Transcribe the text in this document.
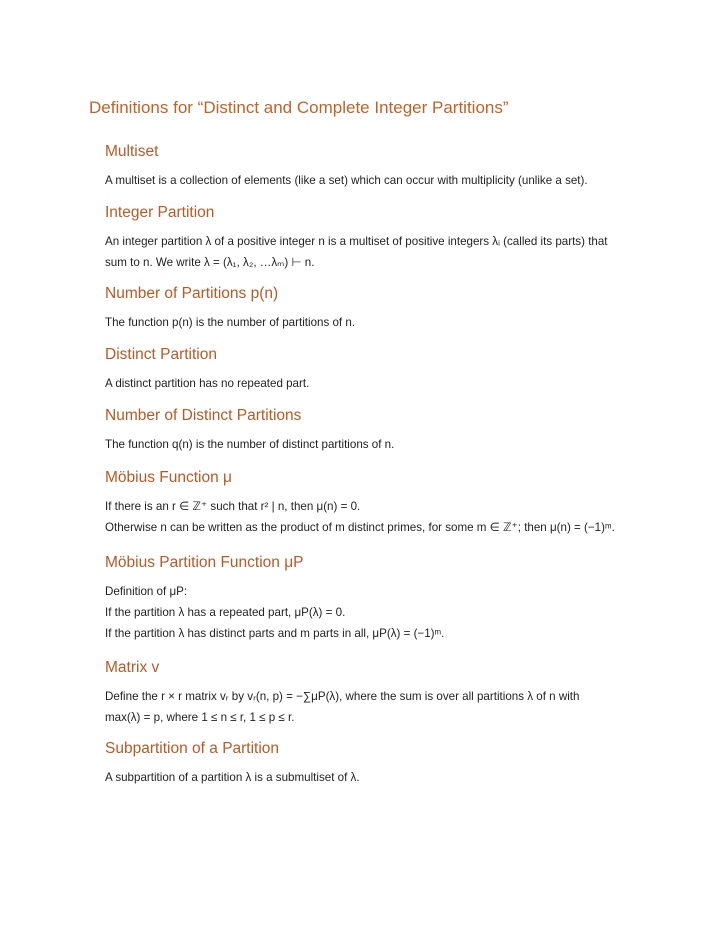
Definitions for “Distinct and Complete Integer Partitions”
Multiset

A multiset is a collection of elements (like a set) which can occur with multiplicity (unlike a set).

Integer Partition

An integer partition λ of a positive integer n is a multiset of positive integers λᵢ (called its parts) that

sum to n. We write λ = (λ₁, λ₂, …λₘ) ⊢ n.

Number of Partitions p(n)

The function p(n) is the number of partitions of n.

Distinct Partition

A distinct partition has no repeated part.

Number of Distinct Partitions

The function q(n) is the number of distinct partitions of n.

Möbius Function μ

If there is an r ∈ ℤ⁺ such that r² | n, then μ(n) = 0.

Otherwise n can be written as the product of m distinct primes, for some m ∈ ℤ⁺; then μ(n) = (−1)ᵐ.

Möbius Partition Function μP

Definition of μP:

If the partition λ has a repeated part, μP(λ) = 0.

If the partition λ has distinct parts and m parts in all, μP(λ) = (−1)ᵐ.

Matrix v

Define the r × r matrix vᵣ by vᵣ(n, p) = −∑μP(λ), where the sum is over all partitions λ of n with

max(λ) = p, where 1 ≤ n ≤ r, 1 ≤ p ≤ r.

Subpartition of a Partition

A subpartition of a partition λ is a submultiset of λ.
